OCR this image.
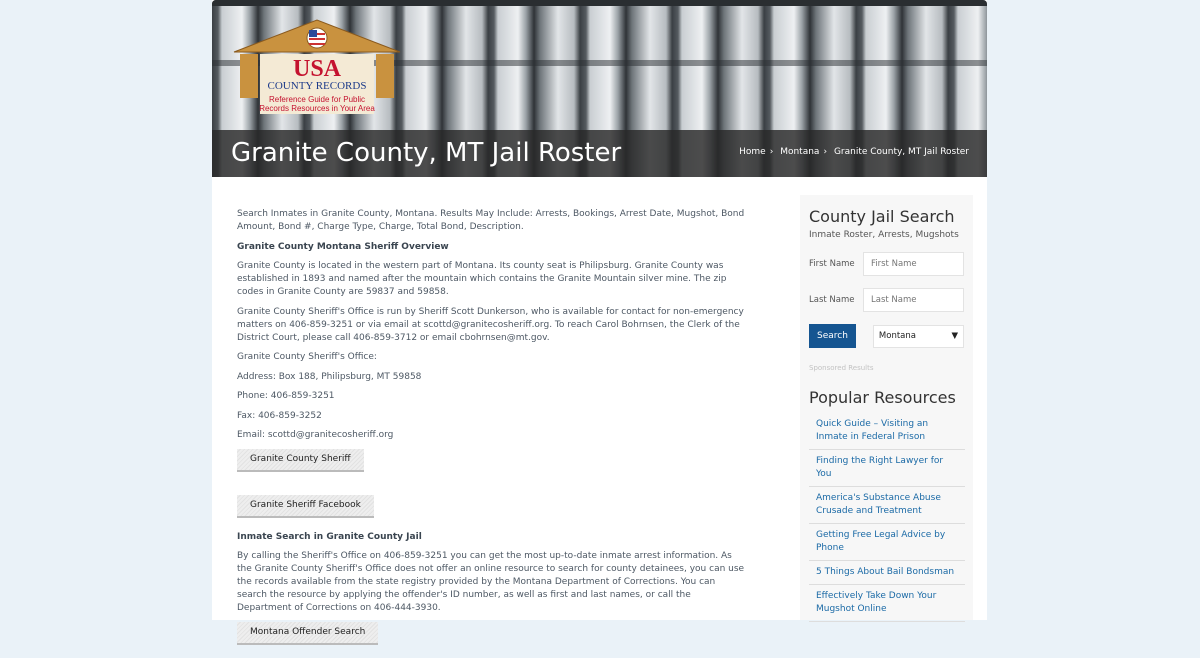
USA
COUNTY RECORDS
Reference Guide for Public
Records Resources in Your Area
Granite County, MT Jail Roster	Home › Montana › Granite County, MT Jail Roster

Search Inmates in Granite County, Montana. Results May Include: Arrests, Bookings, Arrest Date, Mugshot, Bond Amount, Bond #, Charge Type, Charge, Total Bond, Description.

Granite County Montana Sheriff Overview

Granite County is located in the western part of Montana. Its county seat is Philipsburg. Granite County was established in 1893 and named after the mountain which contains the Granite Mountain silver mine. The zip codes in Granite County are 59837 and 59858.

Granite County Sheriff's Office is run by Sheriff Scott Dunkerson, who is available for contact for non-emergency matters on 406-859-3251 or via email at scottd@granitecosheriff.org. To reach Carol Bohrnsen, the Clerk of the District Court, please call 406-859-3712 or email cbohrnsen@mt.gov.

Granite County Sheriff's Office:

Address: Box 188, Philipsburg, MT 59858

Phone: 406-859-3251

Fax: 406-859-3252

Email: scottd@granitecosheriff.org

Granite County Sheriff
Granite Sheriff Facebook
Inmate Search in Granite County Jail

By calling the Sheriff's Office on 406-859-3251 you can get the most up-to-date inmate arrest information. As the Granite County Sheriff's Office does not offer an online resource to search for county detainees, you can use the records available from the state registry provided by the Montana Department of Corrections. You can search the resource by applying the offender's ID number, as well as first and last names, or call the Department of Corrections on 406-444-3930.

Montana Offender Search
County Jail Search
Inmate Roster, Arrests, Mugshots
First Name
First Name
Last Name
Last Name
Search	Montana	▼
Sponsored Results
Popular Resources
Quick Guide – Visiting an Inmate in Federal Prison
Finding the Right Lawyer for You
America's Substance Abuse Crusade and Treatment
Getting Free Legal Advice by Phone
5 Things About Bail Bondsman
Effectively Take Down Your Mugshot Online
